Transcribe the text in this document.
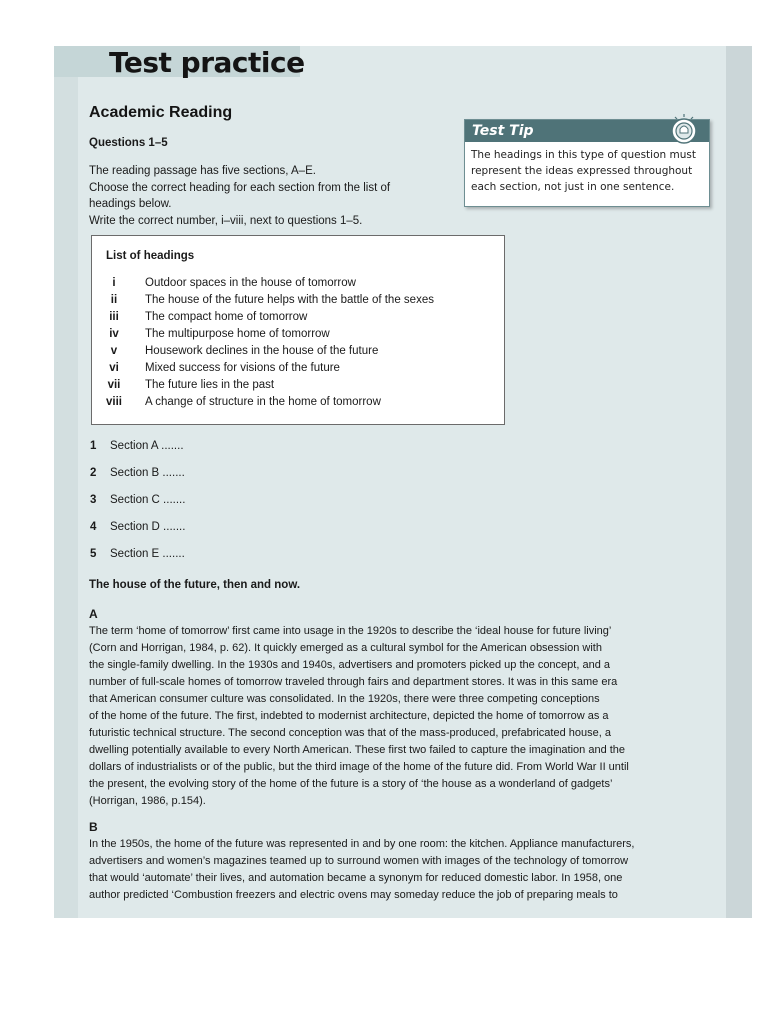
Test practice
Academic Reading
Questions 1–5
The reading passage has five sections, A–E.
Choose the correct heading for each section from the list of
headings below.
Write the correct number, i–viii, next to questions 1–5.
Test Tip
The headings in this type of question must
represent the ideas expressed throughout
each section, not just in one sentence.
List of headings
i	Outdoor spaces in the house of tomorrow
ii	The house of the future helps with the battle of the sexes
iii	The compact home of tomorrow
iv	The multipurpose home of tomorrow
v	Housework declines in the house of the future
vi	Mixed success for visions of the future
vii	The future lies in the past
viii	A change of structure in the home of tomorrow
1 Section A .......
2 Section B .......
3 Section C .......
4 Section D .......
5 Section E .......
The house of the future, then and now.
A
The term ‘home of tomorrow’ first came into usage in the 1920s to describe the ‘ideal house for future living’
(Corn and Horrigan, 1984, p. 62). It quickly emerged as a cultural symbol for the American obsession with
the single-family dwelling. In the 1930s and 1940s, advertisers and promoters picked up the concept, and a
number of full-scale homes of tomorrow traveled through fairs and department stores. It was in this same era
that American consumer culture was consolidated. In the 1920s, there were three competing conceptions
of the home of the future. The first, indebted to modernist architecture, depicted the home of tomorrow as a
futuristic technical structure. The second conception was that of the mass-produced, prefabricated house, a
dwelling potentially available to every North American. These first two failed to capture the imagination and the
dollars of industrialists or of the public, but the third image of the home of the future did. From World War II until
the present, the evolving story of the home of the future is a story of ‘the house as a wonderland of gadgets’
(Horrigan, 1986, p.154).
B
In the 1950s, the home of the future was represented in and by one room: the kitchen. Appliance manufacturers,
advertisers and women’s magazines teamed up to surround women with images of the technology of tomorrow
that would ‘automate’ their lives, and automation became a synonym for reduced domestic labor. In 1958, one
author predicted ‘Combustion freezers and electric ovens may someday reduce the job of preparing meals to
